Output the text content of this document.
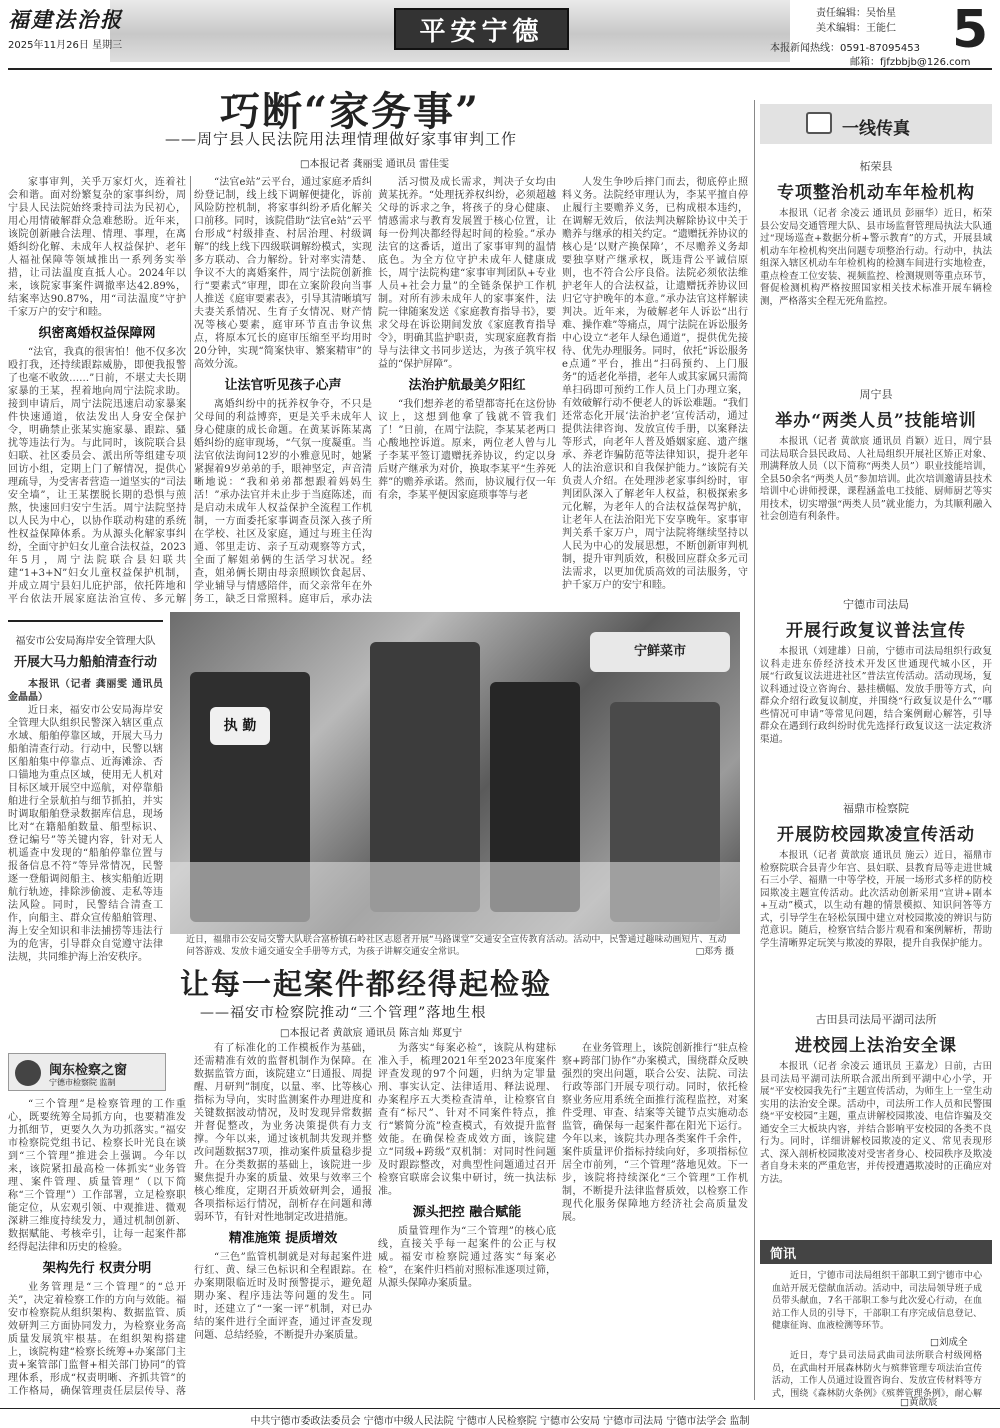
福建法治报
2025年11月26日 星期三	平安宁德
责任编辑：吴怡星
美术编辑：王能仁 5
本报新闻热线：0591-87095453
邮箱：fjfzbbjb@126.com
巧断“家务事”
——周宁县人民法院用法理情理做好家事审判工作
□本报记者 龚丽雯 通讯员 雷佳雯

家事审判，关乎万家灯火，连着社会和谐。面对纷繁复杂的家事纠纷，周宁县人民法院始终秉持司法为民初心，用心用情破解群众急难愁盼。近年来，该院创新融合法理、情理、事理，在离婚纠纷化解、未成年人权益保护、老年人福祉保障等领域推出一系列务实举措，让司法温度直抵人心。2024年以来，该院家事案件调撤率达42.89%，结案率达90.87%，用“司法温度”守护千家万户的安宁和睦。

织密离婚权益保障网

“法官，我真的很害怕！他不仅多次殴打我，还持续跟踪威胁，即便我报警了也毫不收敛……”日前，不堪丈夫长期家暴的王某，捏着地向周宁法院求助。接到申请后，周宁法院迅速启动家暴案件快速通道，依法发出人身安全保护令，明确禁止张某实施家暴、跟踪、骚扰等违法行为。与此同时，该院联合县妇联、社区委员会、派出所等组建专项回访小组，定期上门了解情况，提供心理疏导，为受害者营造一道坚实的“司法安全墙”，让王某摆脱长期的恐惧与煎熬，快速回归安宁生活。周宁法院坚持以人民为中心，以协作联动构建的系统性权益保障体系。为从源头化解家事纠纷，全面守护妇女儿童合法权益，2023年5月，周宁法院联合县妇联共建“1+3+N”妇女儿童权益保护机制，并成立周宁县妇儿庇护部，依托阵地和平台依法开展家庭法治宣传、多元解

“法官e站”云平台，通过家庭矛盾纠纷登记制，线上线下调解便捷化，诉前风险防控机制，将家事纠纷矛盾化解关口前移。同时，该院借助“法官e站”云平台形成“村级排查、村居治理、村级调解”的线上线下四级联调解纷模式，实现多方联动、合力解纷。针对率实清楚、争议不大的离婚案件，周宁法院创新推行“要素式”审理，即在立案阶段向当事人推送《庭审要素表》，引导其清晰填写夫妻关系情况、生育子女情况、财产情况等核心要素，庭审环节直击争议焦点，将原本冗长的庭审压缩至平均用时20分钟，实现“简案快审、繁案精审”的高效分流。

让法官听见孩子心声

离婚纠纷中的抚养权争夺，不只是父母间的利益博弈，更是关乎未成年人身心健康的成长命题。在黄某诉陈某离婚纠纷的庭审现场，“气氛一度凝重。当法官依法询问12岁的小雅意见时，她紧紧握着9岁弟弟的手，眼神坚定，声音清晰地说：“我和弟弟都想跟着妈妈生活！”承办法官并未止步于当庭陈述，而是启动未成年人权益保护全流程工作机制，一方面委托家事调查员深入孩子所在学校、社区及家庭，通过与班主任沟通、邻里走访、亲子互动观察等方式，全面了解姐弟俩的生活学习状况。经查，姐弟俩长期由母亲照顾饮食起居、学业辅导与情感陪伴，而父亲常年在外务工，缺乏日常照料。庭审后，承办法

活习惯及成长需求，判决子女均由黄某抚养。“处理抚养权纠纷，必须超越父母的诉求之争，将孩子的身心健康、情感需求与教育发展置于核心位置，让每一份判决都经得起时间的检验。”承办法官的这番话，道出了家事审判的温情底色。为全方位守护未成年人健康成长，周宁法院构建“家事审判团队+专业人员+社会力量”的全链条保护工作机制。对所有涉未成年人的家事案件，法院一律随案发送《家庭教育指导书》，要求父母在诉讼期间发放《家庭教育指导令》，明确其监护职责，实现家庭教育指导与法律文书同步送达，为孩子筑牢权益的“保护屏障”。

法治护航最美夕阳红

“我们想养老的希望都寄托在这份协议上，这想到他拿了钱就不管我们了！”日前，在周宁法院，李某某老两口心酸地控诉道。原来，两位老人曾与儿子李某平签订遗赠抚养协议，约定以身后财产继承为对价，换取李某平“生养死葬”的赡养承诺。然而，协议履行仅一年有余，李某平便因家庭琐事等与老

人发生争吵后摔门而去，彻底停止照料义务。法院经审理认为，李某平擅自停止履行主要赡养义务，已构成根本违约，在调解无效后，依法判决解除协议中关于赡养与继承的相关约定。“遗赠抚养协议的核心是‘以财产换保障’，不尽赡养义务却要独享财产继承权，既违背公平诚信原则，也不符合公序良俗。法院必须依法维护老年人的合法权益，让遗赠抚养协议回归它守护晚年的本意。”承办法官这样解读判决。近年来，为破解老年人诉讼“出行难、操作难”等痛点，周宁法院在诉讼服务中心设立“老年人绿色通道”，提供优先接待、优先办理服务。同时，依托“诉讼服务e点通”平台，推出“扫码预约、上门服务”的适老化举措，老年人或其家属只需简单扫码即可预约工作人员上门办理立案，有效破解行动不便老人的诉讼难题。“我们还常态化开展‘法治护老’宣传活动，通过提供法律咨询、发放宣传手册，以案释法等形式，向老年人普及婚姻家庭、遗产继承、养老诈骗防范等法律知识，提升老年人的法治意识和自我保护能力。”该院有关负责人介绍。在处理涉老家事纠纷时，审判团队深入了解老年人权益，积极探索多元化解，为老年人的合法权益保驾护航，让老年人在法治阳光下安享晚年。家事审判关系千家万户，周宁法院将继续坚持以人民为中心的发展思想，不断创新审判机制，提升审判质效，积极回应群众多元司法需求，以更加优质高效的司法服务，守护千家万户的安宁和睦。

福安市公安局海岸安全管理大队
开展大马力船舶清查行动

本报讯（记者 龚丽雯 通讯员 金晶晶）

近日来，福安市公安局海岸安全管理大队组织民警深入辖区重点水域、船舶停靠区域，开展大马力船舶清查行动。行动中，民警以辖区船舶集中停靠点、近海滩涂、否口锚地为重点区域，使用无人机对目标区域开展空中巡航，对停靠船舶进行全景航拍与细节抓拍，并实时调取船舶登录数据库信息，现场比对“在籍船舶数量、船型标识、登记编号”等关键内容，针对无人机遥查中发现的“船舶停靠位置与报备信息不符”等异常情况，民警逐一登船调阅船主、核实船舶近期航行轨迹，排除涉偷渡、走私等违法风险。同时，民警结合清查工作，向船主、群众宣传船舶管理、海上安全知识和非法捕捞等违法行为的危害，引导群众自觉遵守法律法规，共同维护海上治安秩序。

执 勤
宁鲜菜市
近日，福鼎市公安局交警大队联合富桥镇石岭社区志愿者开展“马路课堂”交通安全宣传教育活动。活动中，民警通过趣味动画短片、互动问答游戏、发放卡通交通安全手册等方式，为孩子讲解交通安全常识。	□郑秀 摄
让每一起案件都经得起检验
——福安市检察院推动“三个管理”落地生根
□本报记者 黄歆宸 通讯员 陈言灿 郑夏宁
闽东检察之窗
宁德市检察院 监制

“三个管理”是检察管理的工作重心，既要统筹全局抓方向，也要精准发力抓细节，更要久久为功抓落实。”福安市检察院党组书记、检察长叶光良在谈到“三个管理”推进会上强调。今年以来，该院紧扣最高检一体抓实“业务管理、案件管理、质量管理”（以下简称“三个管理”）工作部署，立足检察职能定位，从宏观引领、中观推进、微观深耕三维度持续发力，通过机制创新、数据赋能、考核牵引，让每一起案件都经得起法律和历史的检验。

架构先行 权责分明

业务管理是“三个管理”的“总开关”，决定着检察工作的方向与效能。福安市检察院从组织架构、数据监管、质效研判三方面协同发力，为检察业务高质量发展筑牢根基。在组织架构搭建上，该院构建“检察长统筹+办案部门主责+案管部门监督+相关部门协同”的管理体系，形成“权责明晰、齐抓共管”的工作格局，确保管理责任层层传导、落

有了标准化的工作模板作为基础，还需精准有效的监督机制作为保障。在数据监管方面，该院建立“日通报、周提醒、月研判”制度，以量、率、比等核心指标为导向，实时监测案件办理进度和关键数据波动情况，及时发现异常数据并督促整改，为业务决策提供有力支撑。今年以来，通过该机制共发现并整改问题数据37项，推动案件质量稳步提升。在分类数据的基础上，该院进一步聚焦提升办案的质量、效果与效率三个核心维度，定期召开质效研判会，通报各项指标运行情况，剖析存在问题和薄弱环节，有针对性地制定改进措施。

精准施策 提质增效

“三色”监管机制就是对每起案件进行红、黄、绿三色标识和全程跟踪。在办案期限临近时及时预警提示，避免超期办案、程序违法等问题的发生。同时，还建立了“一案一评”机制，对已办结的案件进行全面评查，通过评查发现问题、总结经验，不断提升办案质量。

为落实“每案必检”，该院从构建标准入手，梳理2021年至2023年度案件评查发现的97个问题，归纳为定罪量刑、事实认定、法律适用、释法说理、办案程序五大类检查清单，让检察官自查有“标尺”、针对不同案件特点，推行“繁简分流”检查模式，有效提升监督效能。在确保检查成效方面，该院建立“同级+跨级”双机制：对同时性问题及时跟踪整改，对典型性问题通过召开检察官联席会议集中研讨，统一执法标准。

源头把控 融合赋能

质量管理作为“三个管理”的核心底线，直接关乎每一起案件的公正与权威。福安市检察院通过落实“每案必检”，在案件归档前对照标准逐项过筛，从源头保障办案质量。

在业务管理上，该院创新推行“驻点检察+跨部门协作”办案模式，围绕群众反映强烈的突出问题，联合公安、法院、司法行政等部门开展专项行动。同时，依托检察业务应用系统全面推行流程监控，对案件受理、审查、结案等关键节点实施动态监管，确保每一起案件都在阳光下运行。今年以来，该院共办理各类案件千余件，案件质量评价指标持续向好，多项指标位居全市前列，“三个管理”落地见效。下一步，该院将持续深化“三个管理”工作机制，不断提升法律监督质效，以检察工作现代化服务保障地方经济社会高质量发展。

一线传真
柘荣县
专项整治机动车年检机构
本报讯（记者 余凌云 通讯员 彭丽华）近日，柘荣县公安局交通管理大队、县市场监督管理局执法大队通过“现场巡查+数据分析+警示教育”的方式，开展县域机动车年检机构突出问题专项整治行动。行动中，执法组深入辖区机动车年检机构的检测车间进行实地检查，重点检查工位安装、视频监控、检测规则等重点环节，督促检测机构严格按照国家相关技术标准开展车辆检测，严格落实全程无死角监控。
周宁县
举办“两类人员”技能培训
本报讯（记者 黄歆宸 通讯员 肖颖）近日，周宁县司法局联合县民政局、人社局组织开展社区矫正对象、刑满释放人员（以下简称“两类人员”）职业技能培训，全县50余名“两类人员”参加培训。此次培训邀请县技术培训中心讲师授课，课程涵盖电工技能、厨师厨艺等实用技术，切实增强“两类人员”就业能力，为其顺利融入社会创造有利条件。
宁德市司法局
开展行政复议普法宣传
本报讯（刘建雄）日前，宁德市司法局组织行政复议科走进东侨经济技术开发区世通现代城小区，开展“行政复议法进进社区”普法宣传活动。活动现场，复议科通过设立咨询台、悬挂横幅、发放手册等方式，向群众介绍行政复议制度，并围绕“行政复议是什么”“哪些情况可申请”等常见问题，结合案例耐心解答，引导群众在遇到行政纠纷时优先选择行政复议这一法定救济渠道。
福鼎市检察院
开展防校园欺凌宣传活动
本报讯（记者 黄歆宸 通讯员 施云）近日，福鼎市检察院联合县青少年宫、县妇联、县教育局等走进世城石三小学、福鼎一中等学校，开展一场形式多样的防校园欺凌主题宣传活动。此次活动创新采用“宣讲+剧本+互动”模式，以生动有趣的情景模拟、知识问答等方式，引导学生在轻松氛围中建立对校园欺凌的辨识与防范意识。随后，检察官结合影片观看和案例解析，帮助学生清晰界定玩笑与欺凌的界限，提升自我保护能力。
古田县司法局平湖司法所
进校园上法治安全课
本报讯（记者 余凌云 通讯员 王嘉龙）日前，古田县司法局平湖司法所联合派出所到平湖中心小学，开展“平安校园我先行”主题宣传活动，为师生上一堂生动实用的法治安全课。活动中，司法所工作人员和民警围绕“平安校园”主题，重点讲解校园欺凌、电信诈骗及交通安全三大板块内容，并结合影响平安校园的各类不良行为。同时，详细讲解校园欺凌的定义、常见表现形式、深入剖析校园欺凌对受害者身心、校园秩序及欺凌者自身未来的严重危害，并传授遭遇欺凌时的正确应对方法。
简讯
近日，宁德市司法局组织干部职工到宁德市中心血站开展无偿献血活动。活动中，司法局领导班子成员带头献血，7名干部职工参与此次爱心行动，在血站工作人员的引导下，干部职工有序完成信息登记、健康征询、血液检测等环节。
□刘成全
近日，寿宁县司法局武曲司法所联合村级网格员，在武曲村开展森林防火与殡葬管理专项法治宣传活动，工作人员通过设置咨询台、发放宣传材料等方式，围绕《森林防火条例》《殡葬管理条例》，耐心解
□黄歆宸
中共宁德市委政法委员会 宁德市中级人民法院 宁德市人民检察院 宁德市公安局 宁德市司法局 宁德市法学会 监制
